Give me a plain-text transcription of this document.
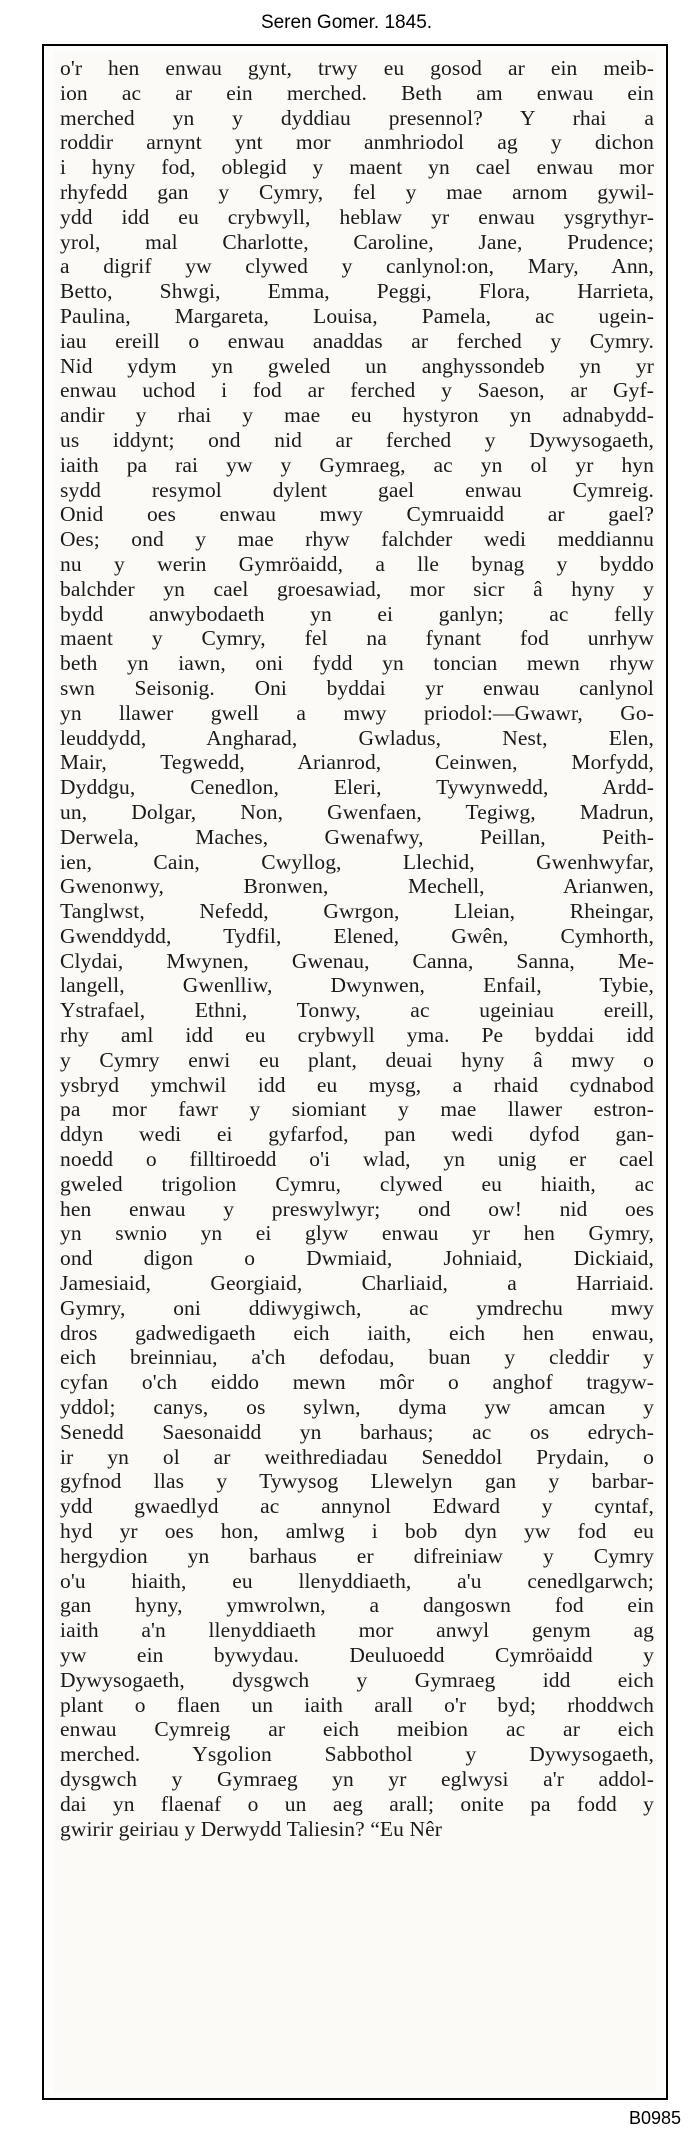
Seren Gomer. 1845.
o'r hen enwau gynt, trwy eu gosod ar ein meib-
ion ac ar ein merched. Beth am enwau ein
merched yn y dyddiau presennol? Y rhai a
roddir arnynt ynt mor anmhriodol ag y dichon
i hyny fod, oblegid y maent yn cael enwau mor
rhyfedd gan y Cymry, fel y mae arnom gywil-
ydd idd eu crybwyll, heblaw yr enwau ysgrythyr-
yrol, mal Charlotte, Caroline, Jane, Prudence;
a digrif yw clywed y canlynol:on, Mary, Ann,
Betto, Shwgi, Emma, Peggi, Flora, Harrieta,
Paulina, Margareta, Louisa, Pamela, ac ugein-
iau ereill o enwau anaddas ar ferched y Cymry.
Nid ydym yn gweled un anghyssondeb yn yr
enwau uchod i fod ar ferched y Saeson, ar Gyf-
andir y rhai y mae eu hystyron yn adnabydd-
us iddynt; ond nid ar ferched y Dywysogaeth,
iaith pa rai yw y Gymraeg, ac yn ol yr hyn
sydd resymol dylent gael enwau Cymreig.
Onid oes enwau mwy Cymruaidd ar gael?
Oes; ond y mae rhyw falchder wedi meddiannu
nu y werin Gymröaidd, a lle bynag y byddo
balchder yn cael groesawiad, mor sicr â hyny y
bydd anwybodaeth yn ei ganlyn; ac felly
maent y Cymry, fel na fynant fod unrhyw
beth yn iawn, oni fydd yn toncian mewn rhyw
swn Seisonig. Oni byddai yr enwau canlynol
yn llawer gwell a mwy priodol:—Gwawr, Go-
leuddydd, Angharad, Gwladus, Nest, Elen,
Mair, Tegwedd, Arianrod, Ceinwen, Morfydd,
Dyddgu, Cenedlon, Eleri, Tywynwedd, Ardd-
un, Dolgar, Non, Gwenfaen, Tegiwg, Madrun,
Derwela, Maches, Gwenafwy, Peillan, Peith-
ien, Cain, Cwyllog, Llechid, Gwenhwyfar,
Gwenonwy, Bronwen, Mechell, Arianwen,
Tanglwst, Nefedd, Gwrgon, Lleian, Rheingar,
Gwenddydd, Tydfil, Elened, Gwên, Cymhorth,
Clydai, Mwynen, Gwenau, Canna, Sanna, Me-
langell, Gwenlliw, Dwynwen, Enfail, Tybie,
Ystrafael, Ethni, Tonwy, ac ugeiniau ereill,
rhy aml idd eu crybwyll yma. Pe byddai idd
y Cymry enwi eu plant, deuai hyny â mwy o
ysbryd ymchwil idd eu mysg, a rhaid cydnabod
pa mor fawr y siomiant y mae llawer estron-
ddyn wedi ei gyfarfod, pan wedi dyfod gan-
noedd o filltiroedd o'i wlad, yn unig er cael
gweled trigolion Cymru, clywed eu hiaith, ac
hen enwau y preswylwyr; ond ow! nid oes
yn swnio yn ei glyw enwau yr hen Gymry,
ond digon o Dwmiaid, Johniaid, Dickiaid,
Jamesiaid, Georgiaid, Charliaid, a Harriaid.
Gymry, oni ddiwygiwch, ac ymdrechu mwy
dros gadwedigaeth eich iaith, eich hen enwau,
eich breinniau, a'ch defodau, buan y cleddir y
cyfan o'ch eiddo mewn môr o anghof tragyw-
yddol; canys, os sylwn, dyma yw amcan y
Senedd Saesonaidd yn barhaus; ac os edrych-
ir yn ol ar weithrediadau Seneddol Prydain, o
gyfnod llas y Tywysog Llewelyn gan y barbar-
ydd gwaedlyd ac annynol Edward y cyntaf,
hyd yr oes hon, amlwg i bob dyn yw fod eu
hergydion yn barhaus er difreiniaw y Cymry
o'u hiaith, eu llenyddiaeth, a'u cenedlgarwch;
gan hyny, ymwrolwn, a dangoswn fod ein
iaith a'n llenyddiaeth mor anwyl genym ag
yw ein bywydau. Deuluoedd Cymröaidd y
Dywysogaeth, dysgwch y Gymraeg idd eich
plant o flaen un iaith arall o'r byd; rhoddwch
enwau Cymreig ar eich meibion ac ar eich
merched. Ysgolion Sabbothol y Dywysogaeth,
dysgwch y Gymraeg yn yr eglwysi a'r addol-
dai yn flaenaf o un aeg arall; onite pa fodd y
gwirir geiriau y Derwydd Taliesin? “Eu Nêr
B0985
